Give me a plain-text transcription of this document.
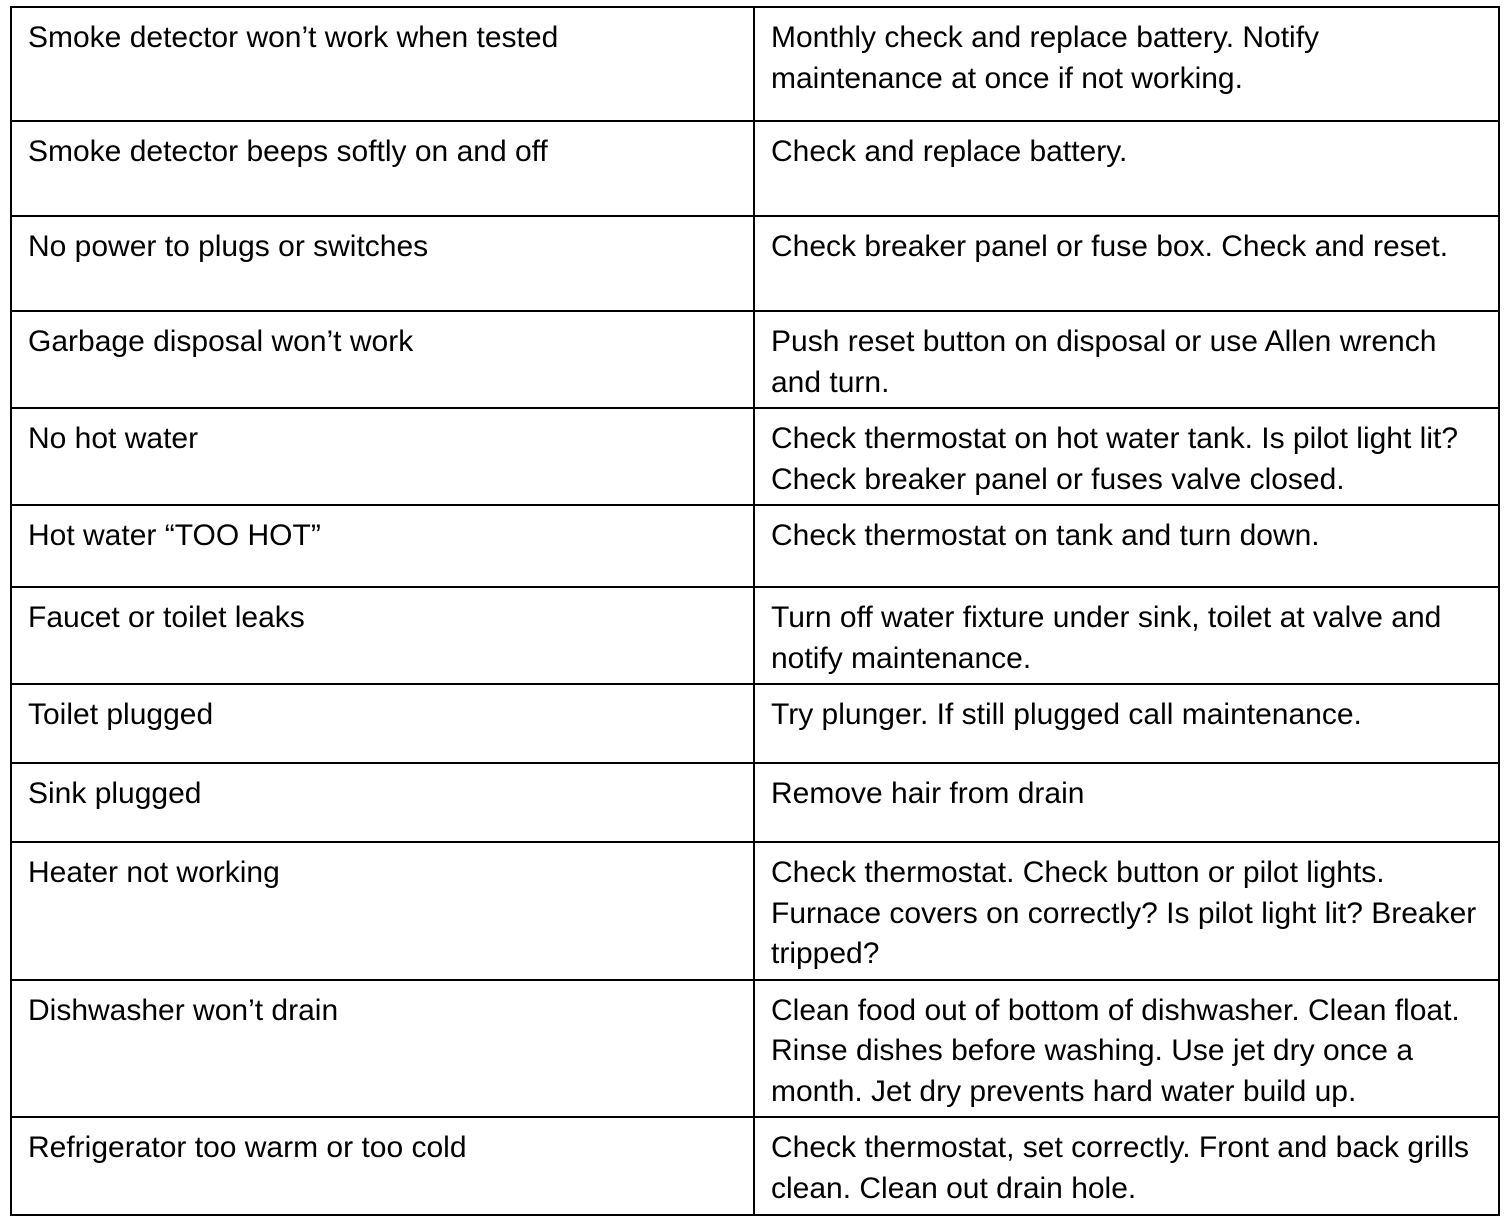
Smoke detector won’t work when tested	Monthly check and replace battery. Notify maintenance at once if not working.
Smoke detector beeps softly on and off	Check and replace battery.
No power to plugs or switches	Check breaker panel or fuse box. Check and reset.
Garbage disposal won’t work	Push reset button on disposal or use Allen wrench and turn.
No hot water	Check thermostat on hot water tank. Is pilot light lit? Check breaker panel or fuses valve closed.
Hot water “TOO HOT”	Check thermostat on tank and turn down.
Faucet or toilet leaks	Turn off water fixture under sink, toilet at valve and notify maintenance.
Toilet plugged	Try plunger. If still plugged call maintenance.
Sink plugged	Remove hair from drain
Heater not working	Check thermostat. Check button or pilot lights. Furnace covers on correctly? Is pilot light lit? Breaker tripped?
Dishwasher won’t drain	Clean food out of bottom of dishwasher. Clean float. Rinse dishes before washing. Use jet dry once a month. Jet dry prevents hard water build up.
Refrigerator too warm or too cold	Check thermostat, set correctly. Front and back grills clean. Clean out drain hole.
